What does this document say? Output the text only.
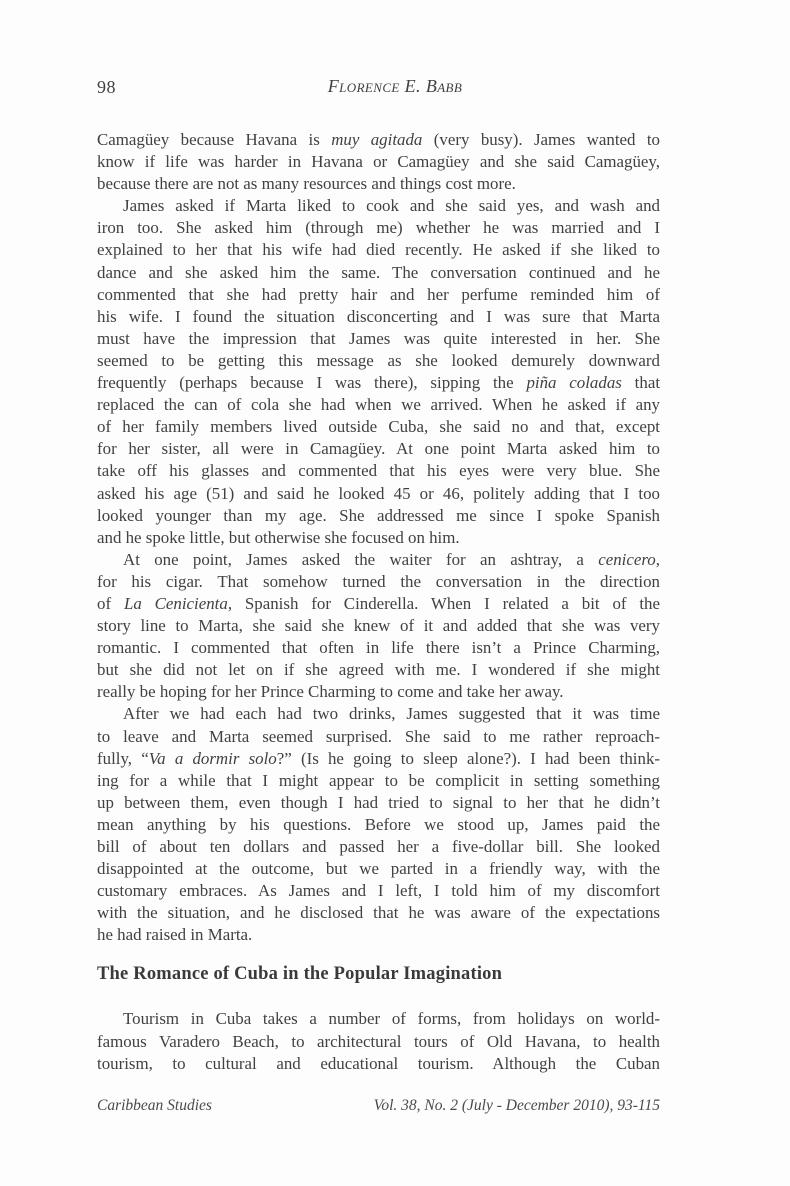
98	Florence E. Babb
Camagüey because Havana is muy agitada (very busy). James wanted to
know if life was harder in Havana or Camagüey and she said Camagüey,
because there are not as many resources and things cost more.
James asked if Marta liked to cook and she said yes, and wash and
iron too. She asked him (through me) whether he was married and I
explained to her that his wife had died recently. He asked if she liked to
dance and she asked him the same. The conversation continued and he
commented that she had pretty hair and her perfume reminded him of
his wife. I found the situation disconcerting and I was sure that Marta
must have the impression that James was quite interested in her. She
seemed to be getting this message as she looked demurely downward
frequently (perhaps because I was there), sipping the piña coladas that
replaced the can of cola she had when we arrived. When he asked if any
of her family members lived outside Cuba, she said no and that, except
for her sister, all were in Camagüey. At one point Marta asked him to
take off his glasses and commented that his eyes were very blue. She
asked his age (51) and said he looked 45 or 46, politely adding that I too
looked younger than my age. She addressed me since I spoke Spanish
and he spoke little, but otherwise she focused on him.
At one point, James asked the waiter for an ashtray, a cenicero,
for his cigar. That somehow turned the conversation in the direction
of La Cenicienta, Spanish for Cinderella. When I related a bit of the
story line to Marta, she said she knew of it and added that she was very
romantic. I commented that often in life there isn’t a Prince Charming,
but she did not let on if she agreed with me. I wondered if she might
really be hoping for her Prince Charming to come and take her away.
After we had each had two drinks, James suggested that it was time
to leave and Marta seemed surprised. She said to me rather reproach-
fully, “Va a dormir solo?” (Is he going to sleep alone?). I had been think-
ing for a while that I might appear to be complicit in setting something
up between them, even though I had tried to signal to her that he didn’t
mean anything by his questions. Before we stood up, James paid the
bill of about ten dollars and passed her a five-dollar bill. She looked
disappointed at the outcome, but we parted in a friendly way, with the
customary embraces. As James and I left, I told him of my discomfort
with the situation, and he disclosed that he was aware of the expectations
he had raised in Marta.
The Romance of Cuba in the Popular Imagination
Tourism in Cuba takes a number of forms, from holidays on world-
famous Varadero Beach, to architectural tours of Old Havana, to health
tourism, to cultural and educational tourism. Although the Cuban
Caribbean Studies	Vol. 38, No. 2 (July - December 2010), 93-115
